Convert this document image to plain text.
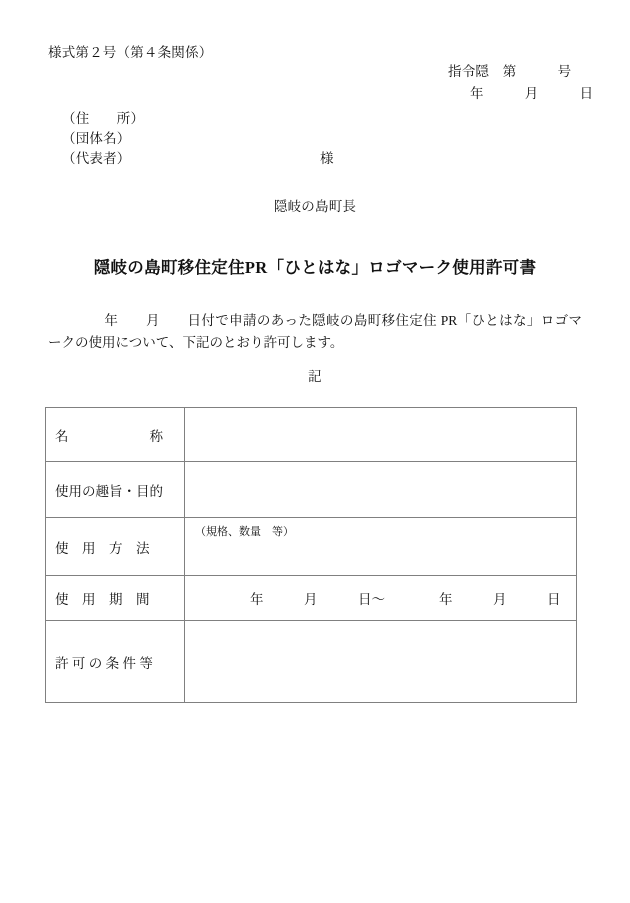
様式第２号（第４条関係）
指令隠　第　　　号
年　　　月　　　日
（住　　所）
（団体名）
（代表者）	様
隠岐の島町長
隠岐の島町移住定住PR「ひとはな」ロゴマーク使用許可書
年　　月　　日付で申請のあった隠岐の島町移住定住 PR「ひとはな」ロゴマークの使用について、下記のとおり許可します。
記
名　　　　　　称	

使用の趣旨・目的	

使　用　方　法	（規格、数量　等）

使　用　期　間	年　　　月　　　日～　　　　年　　　月　　　日

許 可 の 条 件 等	
